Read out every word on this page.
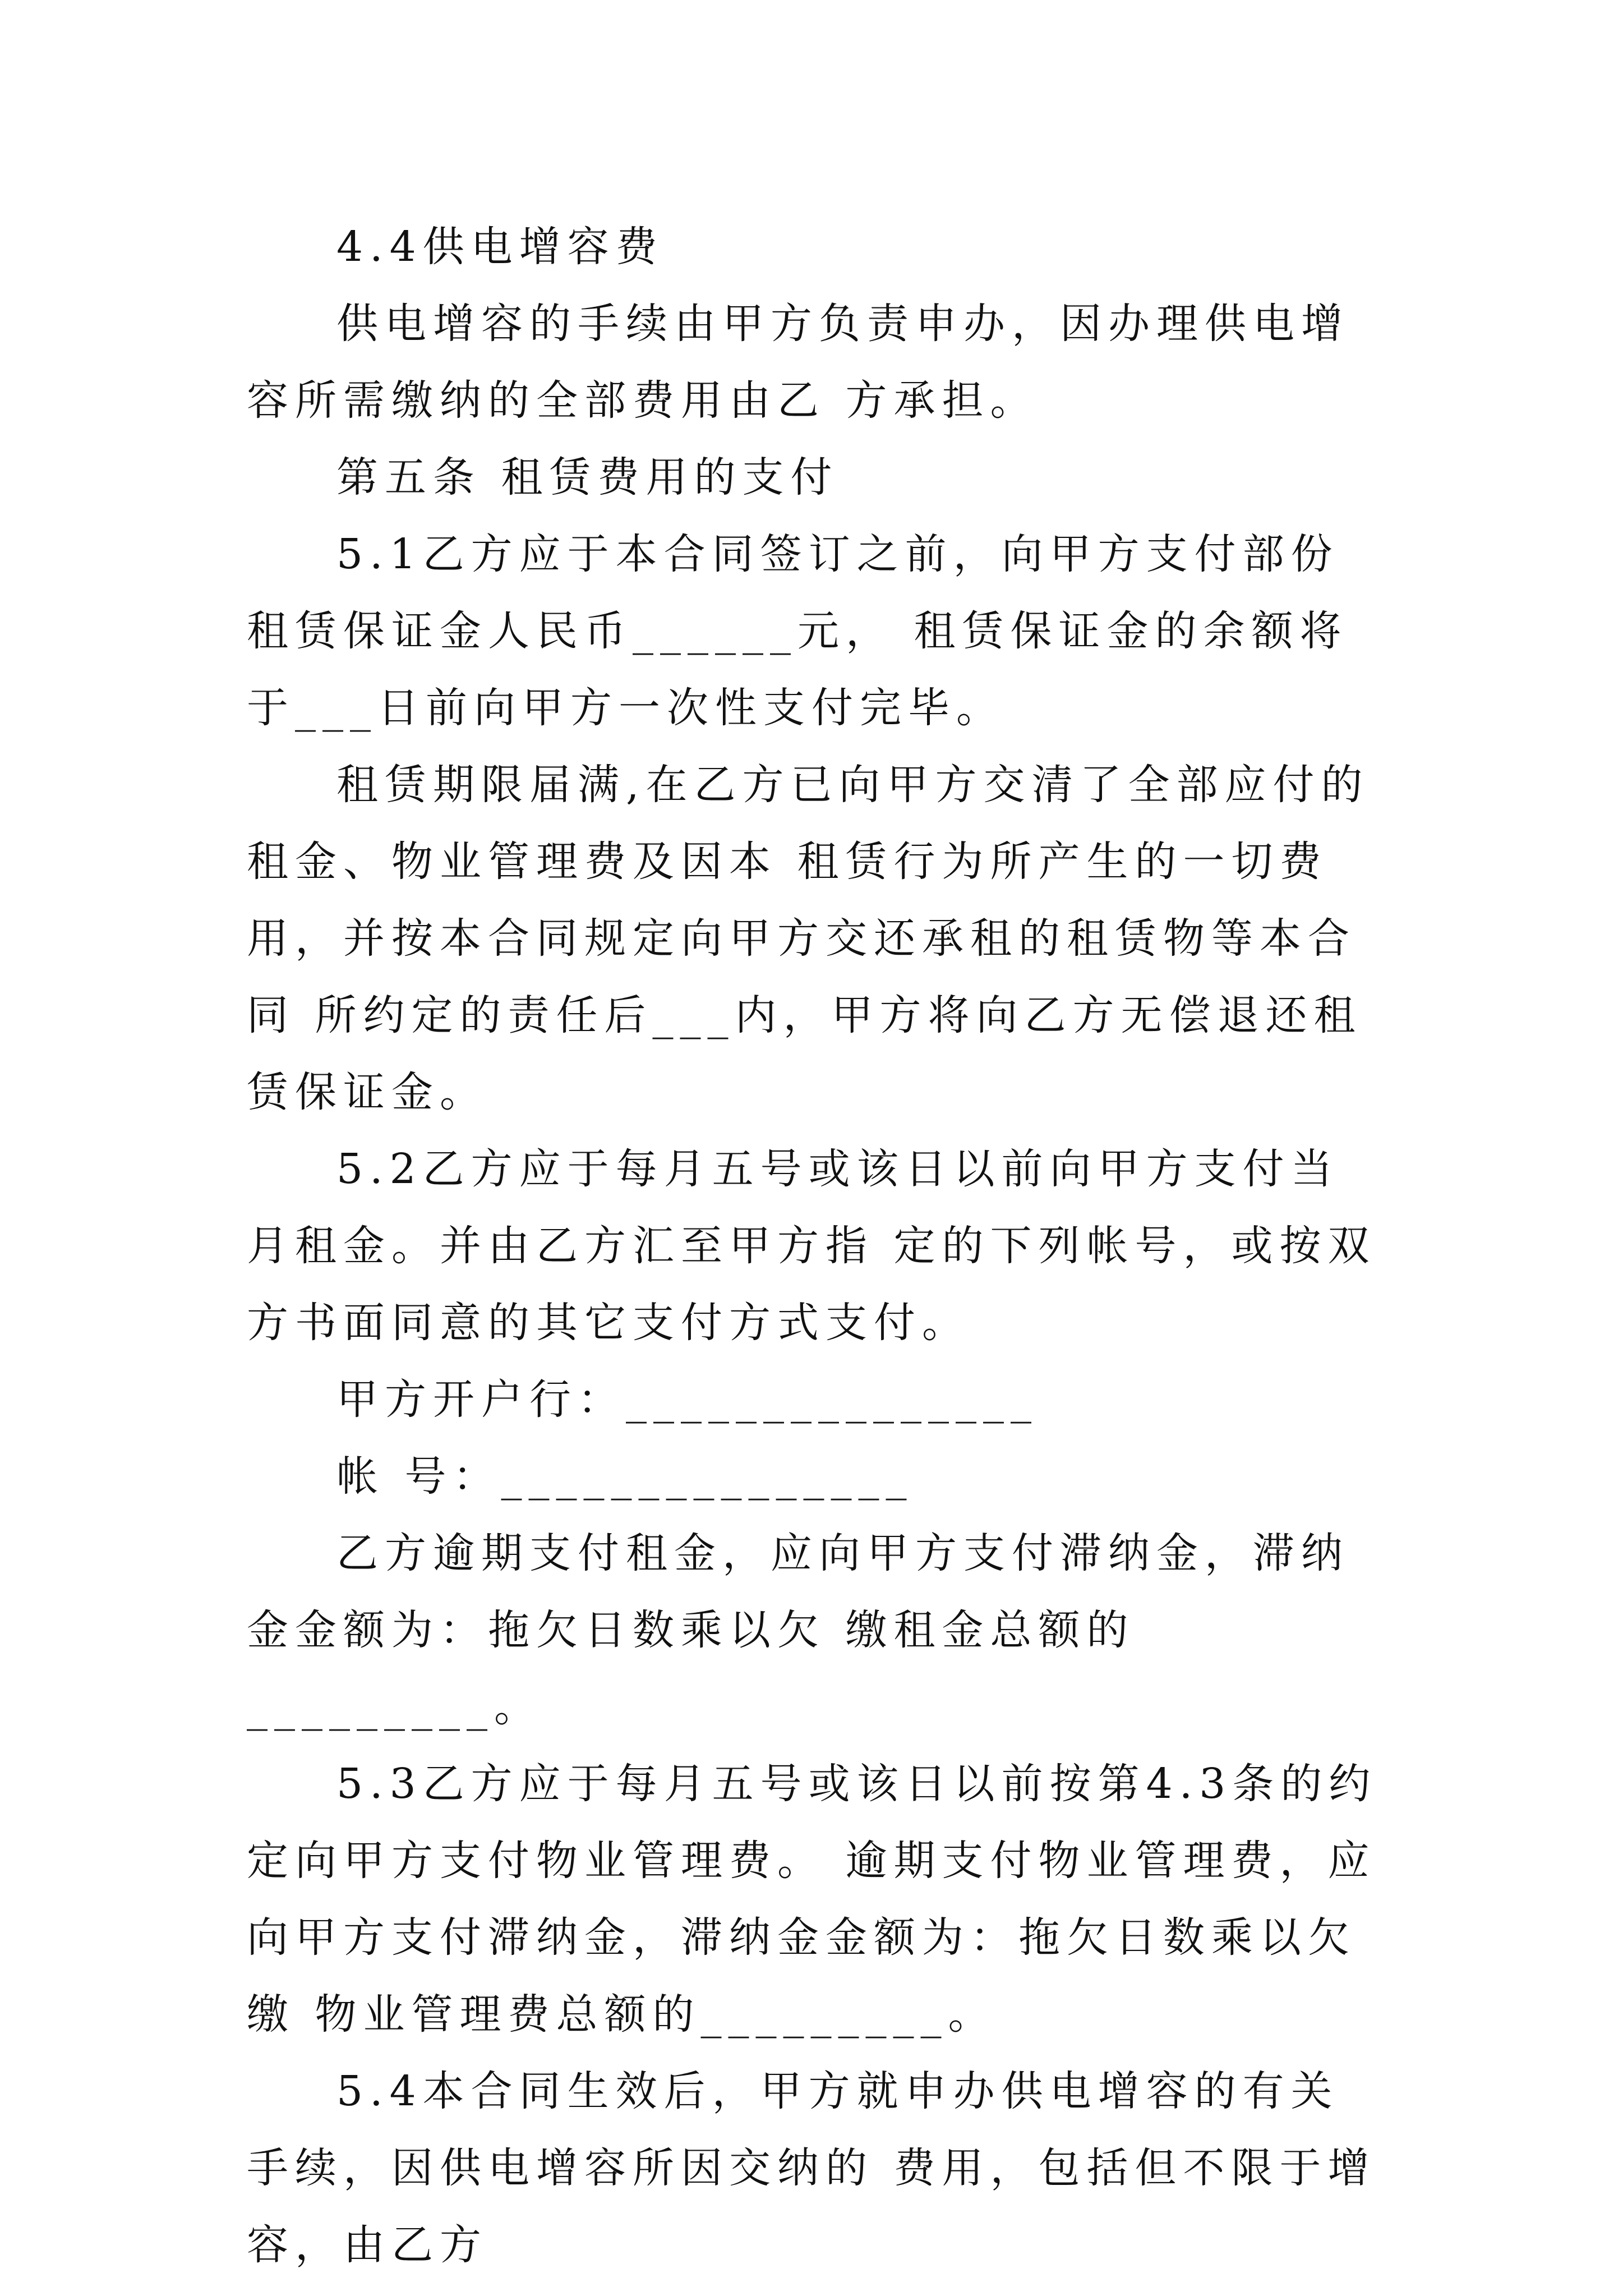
4.4供电增容费

供电增容的手续由甲方负责申办，因办理供电增容所需缴纳的全部费用由乙 方承担。

第五条 租赁费用的支付

5.1乙方应于本合同签订之前，向甲方支付部份租赁保证金人民币______元， 租赁保证金的余额将于___日前向甲方一次性支付完毕。

租赁期限届满,在乙方已向甲方交清了全部应付的租金、物业管理费及因本 租赁行为所产生的一切费用，并按本合同规定向甲方交还承租的租赁物等本合同 所约定的责任后___内，甲方将向乙方无偿退还租赁保证金。

5.2乙方应于每月五号或该日以前向甲方支付当月租金。并由乙方汇至甲方指 定的下列帐号，或按双方书面同意的其它支付方式支付。

甲方开户行：_______________

帐 号：_______________

乙方逾期支付租金，应向甲方支付滞纳金，滞纳金金额为：拖欠日数乘以欠 缴租金总额的_________。

5.3乙方应于每月五号或该日以前按第4.3条的约定向甲方支付物业管理费。 逾期支付物业管理费，应向甲方支付滞纳金，滞纳金金额为：拖欠日数乘以欠缴 物业管理费总额的_________。

5.4本合同生效后，甲方就申办供电增容的有关手续，因供电增容所因交纳的 费用，包括但不限于增容，由乙方
